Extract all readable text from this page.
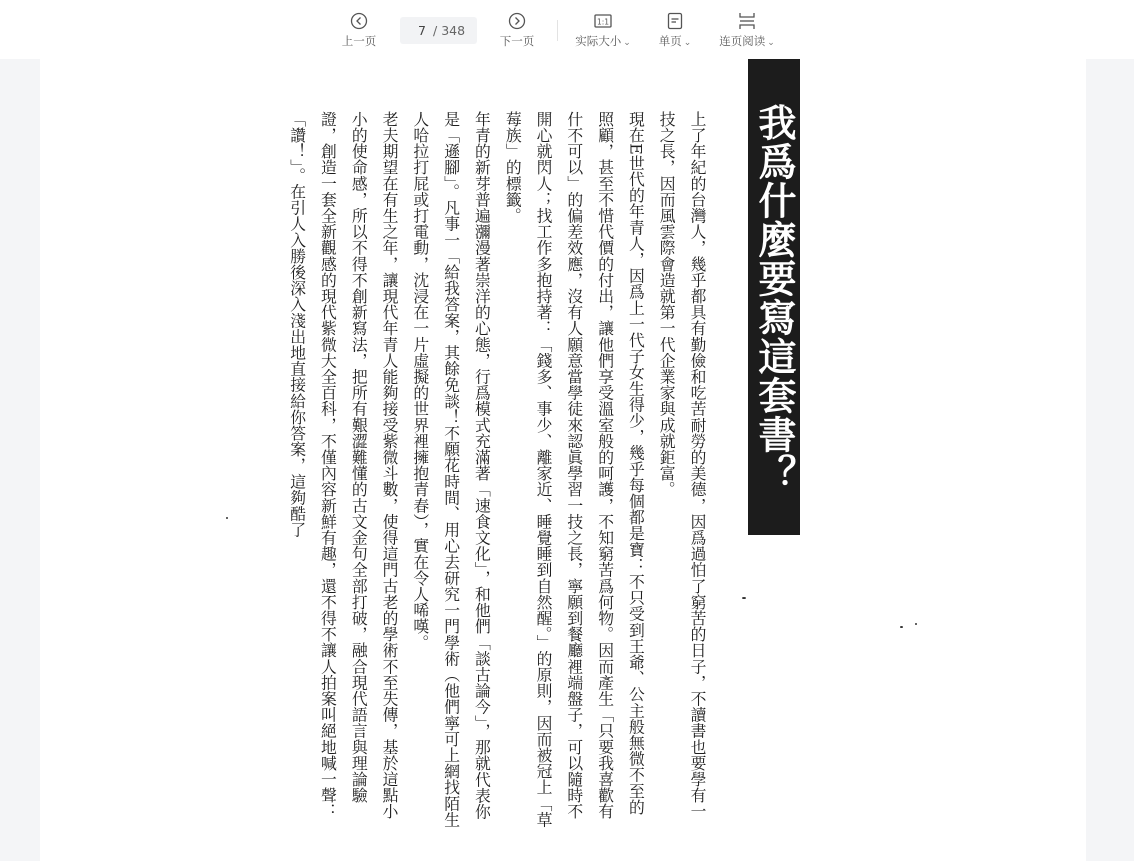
上一页
7
/ 348
下一页
1:1
实际大小 ⌄ 单页 ⌄ 连页阅读 ⌄
我爲什麼要寫這套書？

上了年紀的台灣人，幾乎都具有勤儉和吃苦耐勞的美德，因爲過怕了窮苦的日子，不讀書也要學有一技之長，因而風雲際會造就第一代企業家與成就鉅富。

現在E世代的年青人，因爲上一代子女生得少，幾乎每個都是寶：不只受到王爺、公主般無微不至的照顧，甚至不惜代價的付出，讓他們享受溫室般的呵護，不知窮苦爲何物。因而產生「只要我喜歡有什不可以」的偏差效應，沒有人願意當學徒來認眞學習一技之長，寧願到餐廳裡端盤子，可以隨時不開心就閃人；找工作多抱持著：「錢多、事少、離家近、睡覺睡到自然醒。」的原則，因而被冠上「草莓族」的標籤。

年青的新芽普遍瀰漫著崇洋的心態，行爲模式充滿著「速食文化」，和他們「談古論今」，那就代表你是「遜腳」。凡事一「給我答案，其餘免談！不願花時間、用心去研究一門學術（他們寧可上網找陌生人哈拉打屁或打電動，沈浸在一片虛擬的世界裡擁抱青春），實在令人唏嘆。

老夫期望在有生之年，讓現代年青人能夠接受紫微斗數，使得這門古老的學術不至失傳，基於這點小小的使命感，所以不得不創新寫法，把所有艱澀難懂的古文金句全部打破，融合現代語言與理論驗證，創造一套全新觀感的現代紫微大全百科，不僅內容新鮮有趣，還不得不讓人拍案叫絕地喊一聲：「讚！」。在引人入勝後深入淺出地直接給你答案，這夠酷了
